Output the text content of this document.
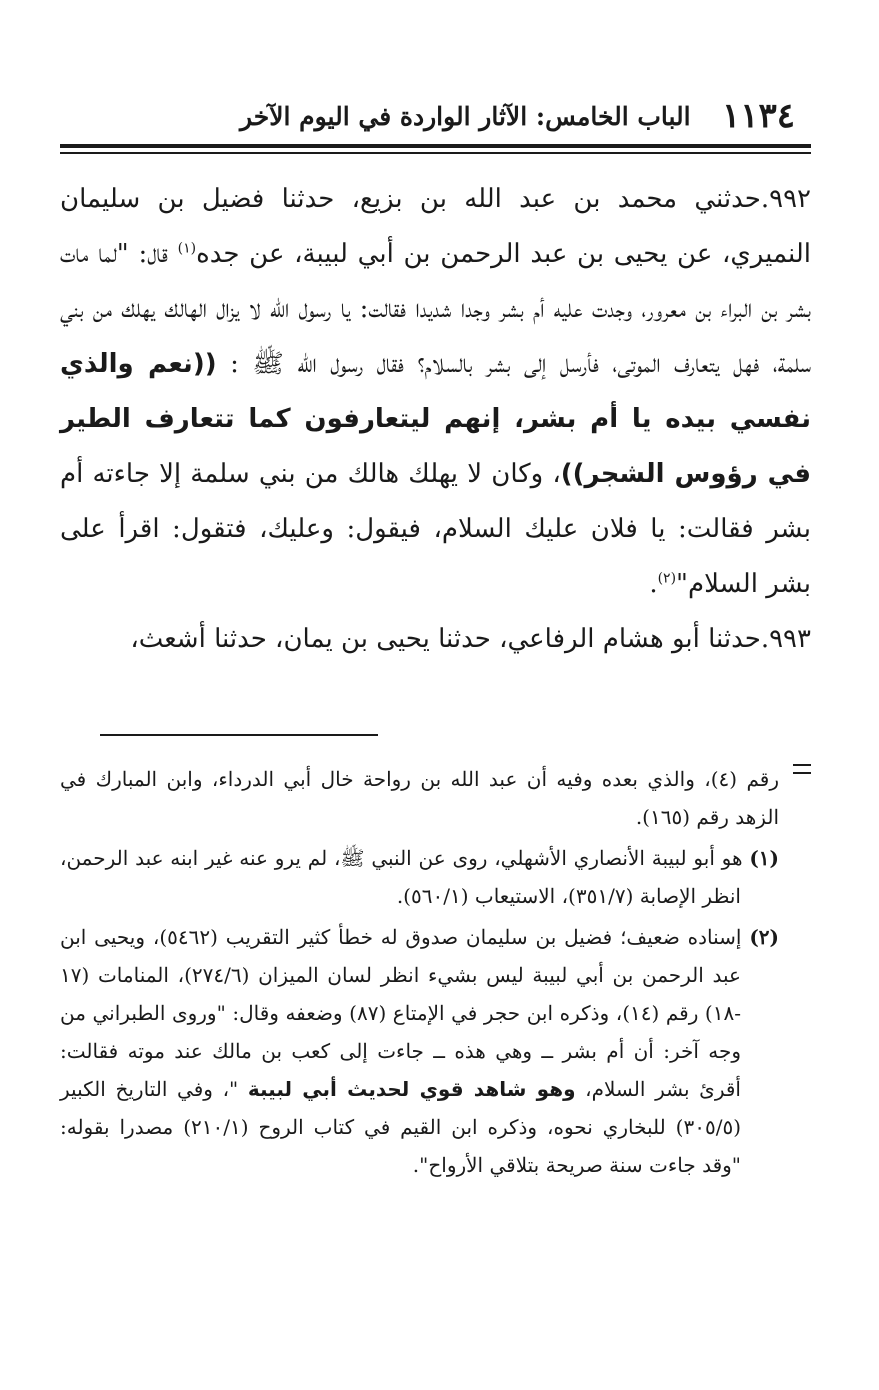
١١٣٤
الباب الخامس: الآثار الواردة في اليوم الآخر

٩٩٢.حدثني محمد بن عبد الله بن بزيع، حدثنا فضيل بن سليمان النميري، عن يحيى بن عبد الرحمن بن أبي لبيبة، عن جده$^{(١)}$ قال: "لما مات بشر بن البراء بن معرور، وجدت عليه أم بشر وجدا شديدا فقالت: يا رسول الله لا يزال الهالك يهلك من بني سلمة، فهل يتعارف الموتى، فأرسل إلى بشر بالسلام؟ فقال رسول الله ﷺ : ((نعم والذي نفسي بيده يا أم بشر، إنهم ليتعارفون كما تتعارف الطير في رؤوس الشجر))، وكان لا يهلك هالك من بني سلمة إلا جاءته أم بشر فقالت: يا فلان عليك السلام، فيقول: وعليك، فتقول: اقرأ على بشر السلام"$^{(٢)}$.

٩٩٣.حدثنا أبو هشام الرفاعي، حدثنا يحيى بن يمان، حدثنا أشعث،

رقم (٤)، والذي بعده وفيه أن عبد الله بن رواحة خال أبي الدرداء، وابن المبارك في الزهد رقم (١٦٥).

(١) هو أبو لبيبة الأنصاري الأشهلي، روى عن النبي ﷺ، لم يرو عنه غير ابنه عبد الرحمن، انظر الإصابة (٣٥١/٧)، الاستيعاب (٥٦٠/١).

(٢) إسناده ضعيف؛ فضيل بن سليمان صدوق له خطأ كثير التقريب (٥٤٦٢)، ويحيى ابن عبد الرحمن بن أبي لبيبة ليس بشيء انظر لسان الميزان (٢٧٤/٦)، المنامات (١٧ -١٨) رقم (١٤)، وذكره ابن حجر في الإمتاع (٨٧) وضعفه وقال: "وروى الطبراني من وجه آخر: أن أم بشر ــ وهي هذه ــ جاءت إلى كعب بن مالك عند موته فقالت: أقرئ بشر السلام، وهو شاهد قوي لحديث أبي لبيبة "، وفي التاريخ الكبير (٣٠٥/٥) للبخاري نحوه، وذكره ابن القيم في كتاب الروح (٢١٠/١) مصدرا بقوله: "وقد جاءت سنة صريحة بتلاقي الأرواح".
